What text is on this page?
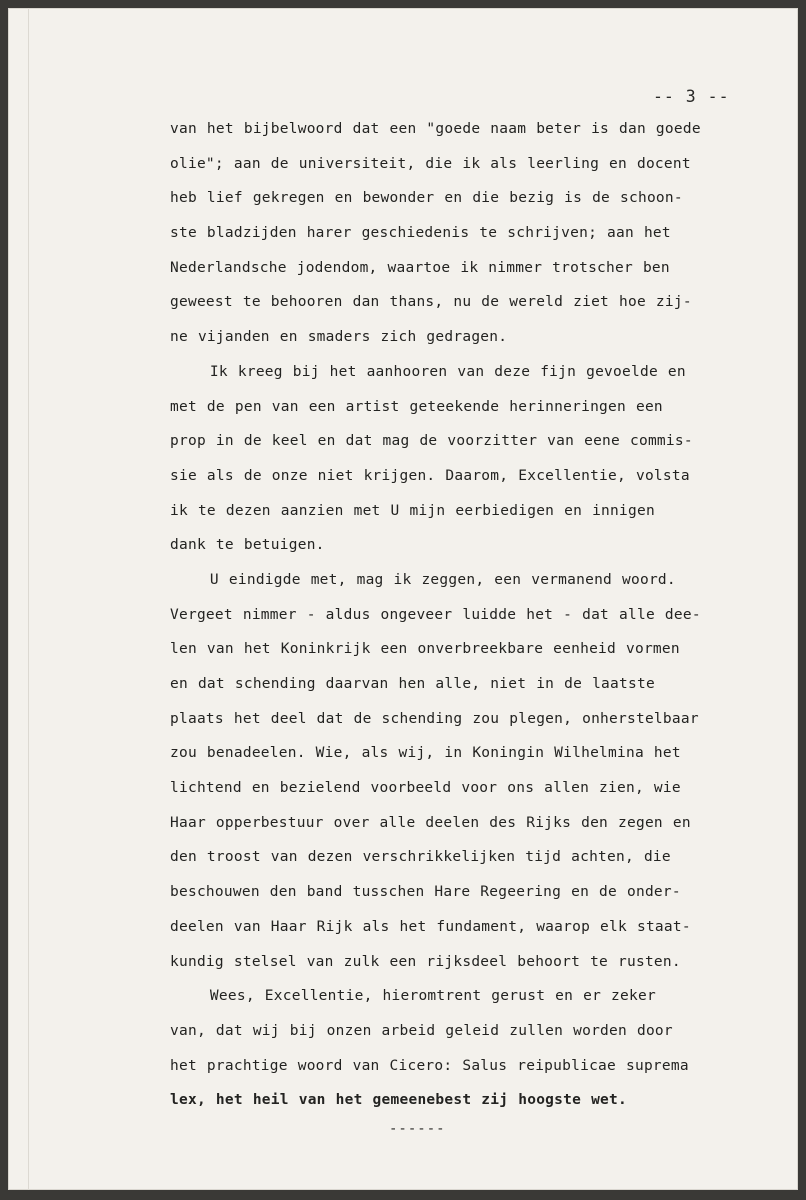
-- 3 --
van het bijbelwoord dat een "goede naam beter is dan goede
olie"; aan de universiteit, die ik als leerling en docent
heb lief gekregen en bewonder en die bezig is de schoon-
ste bladzijden harer geschiedenis te schrijven; aan het
Nederlandsche jodendom, waartoe ik nimmer trotscher ben
geweest te behooren dan thans, nu de wereld ziet hoe zij-
ne vijanden en smaders zich gedragen.
Ik kreeg bij het aanhooren van deze fijn gevoelde en
met de pen van een artist geteekende herinneringen een
prop in de keel en dat mag de voorzitter van eene commis-
sie als de onze niet krijgen. Daarom, Excellentie, volsta
ik te dezen aanzien met U mijn eerbiedigen en innigen
dank te betuigen.
U eindigde met, mag ik zeggen, een vermanend woord.
Vergeet nimmer - aldus ongeveer luidde het - dat alle dee-
len van het Koninkrijk een onverbreekbare eenheid vormen
en dat schending daarvan hen alle, niet in de laatste
plaats het deel dat de schending zou plegen, onherstelbaar
zou benadeelen. Wie, als wij, in Koningin Wilhelmina het
lichtend en bezielend voorbeeld voor ons allen zien, wie
Haar opperbestuur over alle deelen des Rijks den zegen en
den troost van dezen verschrikkelijken tijd achten, die
beschouwen den band tusschen Hare Regeering en de onder-
deelen van Haar Rijk als het fundament, waarop elk staat-
kundig stelsel van zulk een rijksdeel behoort te rusten.
Wees, Excellentie, hieromtrent gerust en er zeker
van, dat wij bij onzen arbeid geleid zullen worden door
het prachtige woord van Cicero: Salus reipublicae suprema
lex, het heil van het gemeenebest zij hoogste wet.
------
